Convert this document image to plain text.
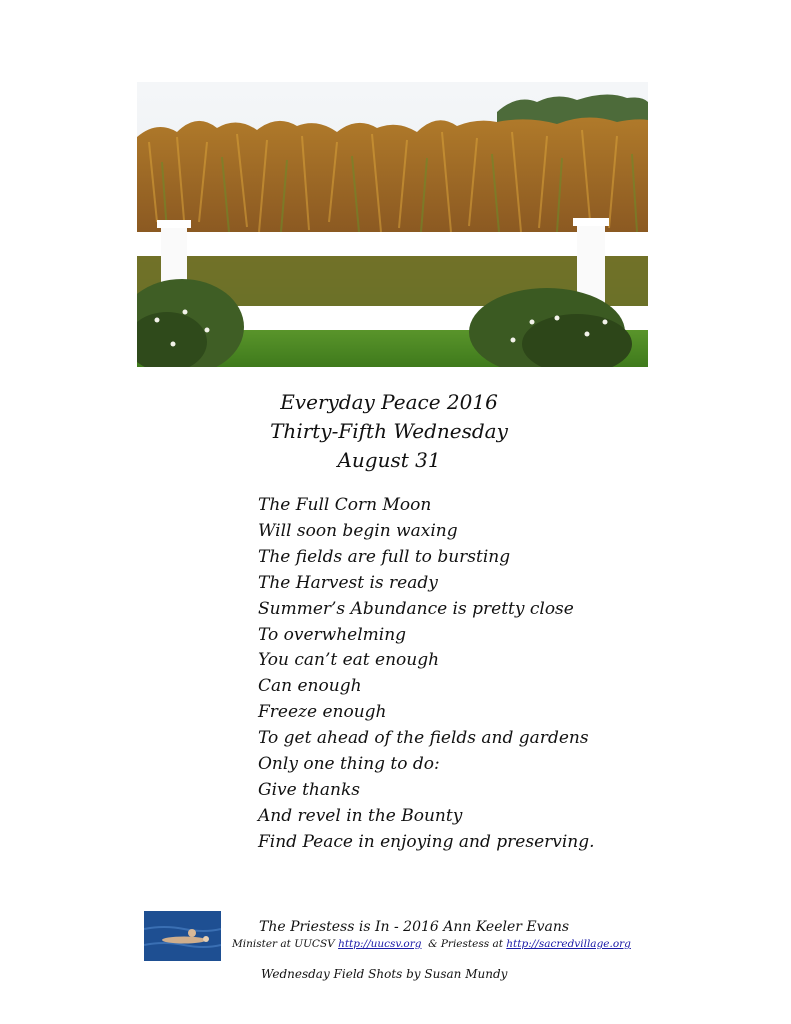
Everyday Peace 2016
Thirty-Fifth Wednesday
August 31
The Full Corn Moon
Will soon begin waxing
The fields are full to bursting
The Harvest is ready
Summer’s Abundance is pretty close
To overwhelming
You can’t eat enough
Can enough
Freeze enough
To get ahead of the fields and gardens
Only one thing to do:
Give thanks
And revel in the Bounty
Find Peace in enjoying and preserving.
The Priestess is In - 2016 Ann Keeler Evans
Minister at UUCSV http://uucsv.org  & Priestess at http://sacredvillage.org
Wednesday Field Shots by Susan Mundy
